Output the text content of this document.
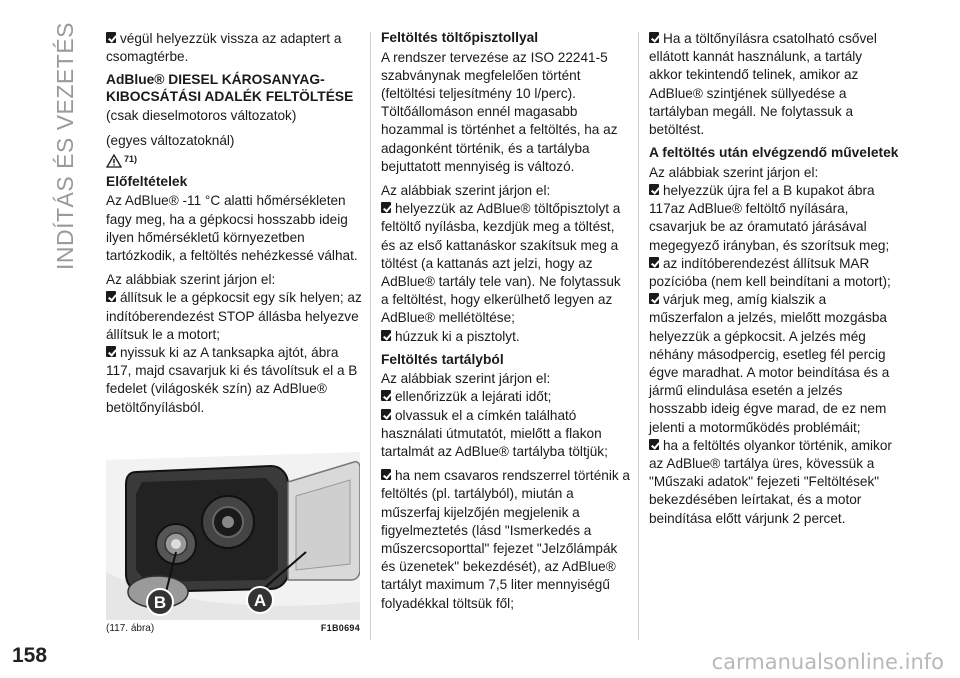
INDÍTÁS ÉS VEZETÉS
158

végül helyezzük vissza az adaptert a csomagtérbe.

AdBlue® DIESEL KÁROSANYAG-KIBOCSÁTÁSI ADALÉK FELTÖLTÉSE

(csak dieselmotoros változatok)

(egyes változatoknál)

71)
Előfeltételek

Az AdBlue® -11 °C alatti hőmérsékleten fagy meg, ha a gépkocsi hosszabb ideig ilyen hőmérsékletű környezetben tartózkodik, a feltöltés nehézkessé válhat.

Az alábbiak szerint járjon el:

állítsuk le a gépkocsit egy sík helyen; az indítóberendezést STOP állásba helyezve állítsuk le a motort;

nyissuk ki az A tanksapka ajtót, ábra 117, majd csavarjuk ki és távolítsuk el a B fedelet (világoskék szín) az AdBlue® betöltőnyílásból.

B	A
(117. ábra)	F1B0694
Feltöltés töltőpisztollyal

A rendszer tervezése az ISO 22241-5 szabványnak megfelelően történt (feltöltési teljesítmény 10 l/perc). Töltőállomáson ennél magasabb hozammal is történhet a feltöltés, ha az adagonként történik, és a tartályba bejuttatott mennyiség is változó.

Az alábbiak szerint járjon el:

helyezzük az AdBlue® töltőpisztolyt a feltöltő nyílásba, kezdjük meg a töltést, és az első kattanáskor szakítsuk meg a töltést (a kattanás azt jelzi, hogy az AdBlue® tartály tele van). Ne folytassuk a feltöltést, hogy elkerülhető legyen az AdBlue® mellétöltése;

húzzuk ki a pisztolyt.

Feltöltés tartályból

Az alábbiak szerint járjon el:

ellenőrizzük a lejárati időt;

olvassuk el a címkén található használati útmutatót, mielőtt a flakon tartalmát az AdBlue® tartályba töltjük;

ha nem csavaros rendszerrel történik a feltöltés (pl. tartályból), miután a műszerfaj kijelzőjén megjelenik a figyelmeztetés (lásd "Ismerkedés a műszercsoporttal" fejezet "Jelzőlámpák és üzenetek" bekezdését), az AdBlue® tartályt maximum 7,5 liter mennyiségű folyadékkal töltsük fől;

Ha a töltőnyílásra csatolható csővel ellátott kannát használunk, a tartály akkor tekintendő telinek, amikor az AdBlue® szintjének süllyedése a tartályban megáll. Ne folytassuk a betöltést.

A feltöltés után elvégzendő műveletek

Az alábbiak szerint járjon el:

helyezzük újra fel a B kupakot ábra 117az AdBlue® feltöltő nyílására, csavarjuk be az óramutató járásával megegyező irányban, és szorítsuk meg;

az indítóberendezést állítsuk MAR pozícióba (nem kell beindítani a motort);

várjuk meg, amíg kialszik a műszerfalon a jelzés, mielőtt mozgásba helyezzük a gépkocsit. A jelzés még néhány másodpercig, esetleg fél percig égve maradhat. A motor beindítása és a jármű elindulása esetén a jelzés hosszabb ideig égve marad, de ez nem jelenti a motorműködés problémáit;

ha a feltöltés olyankor történik, amikor az AdBlue® tartálya üres, kövessük a "Műszaki adatok" fejezeti "Feltöltések" bekezdésében leírtakat, és a motor beindítása előtt várjunk 2 percet.

carmanualsonline.info
